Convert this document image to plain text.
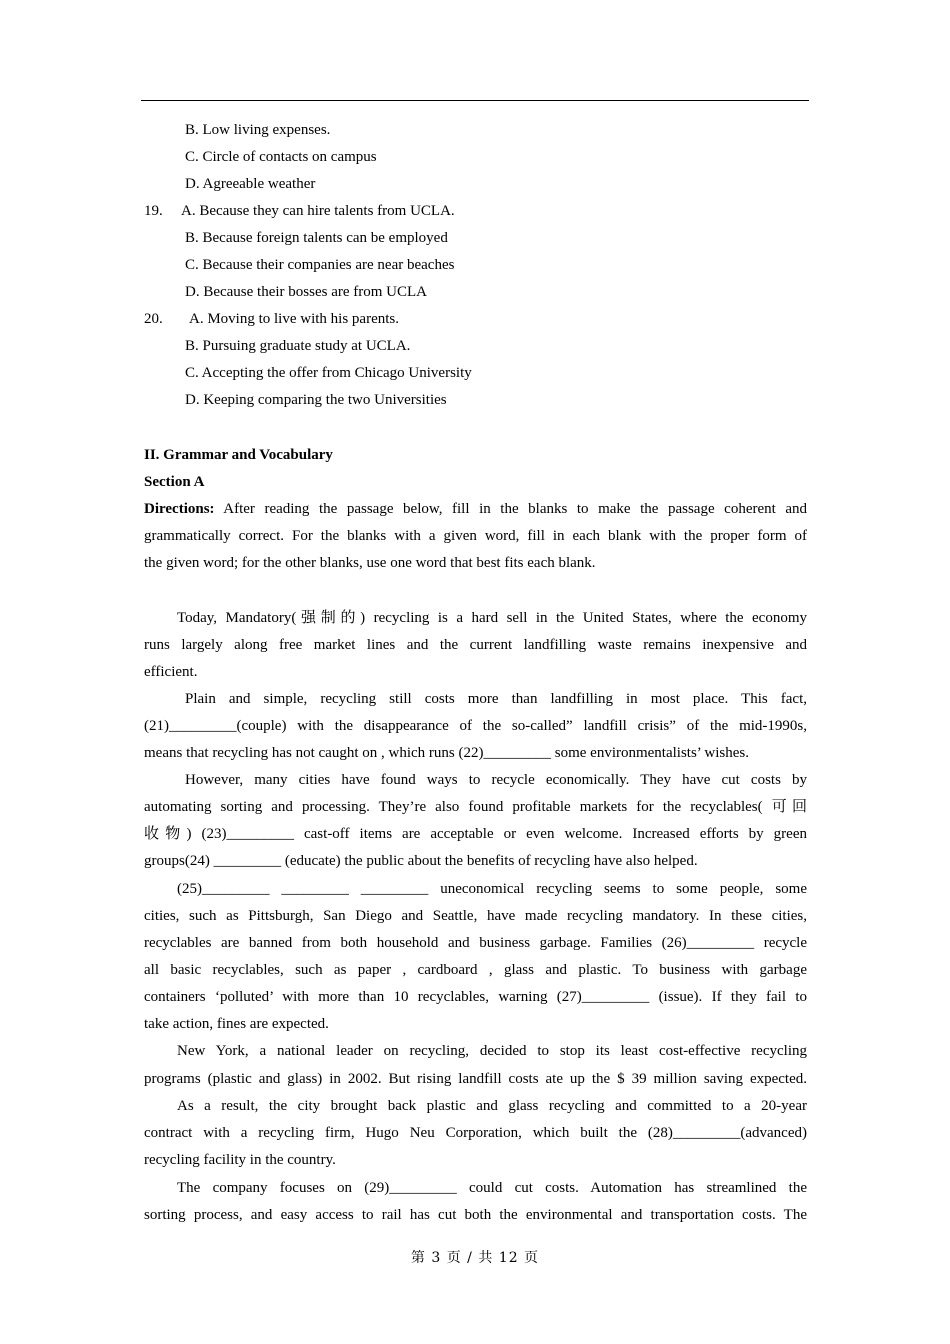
B. Low living expenses.
C. Circle of contacts on campus
D. Agreeable weather
19. A. Because they can hire talents from UCLA.
B. Because foreign talents can be employed
C. Because their companies are near beaches
D. Because their bosses are from UCLA
20. A. Moving to live with his parents.
B. Pursuing graduate study at UCLA.
C. Accepting the offer from Chicago University
D. Keeping comparing the two Universities
II. Grammar and Vocabulary
Section A
Directions: After reading the passage below, fill in the blanks to make the passage coherent and
grammatically correct. For the blanks with a given word, fill in each blank with the proper form of
the given word; for the other blanks, use one word that best fits each blank.
Today, Mandatory(强制的) recycling is a hard sell in the United States, where the economy
runs largely along free market lines and the current landfilling waste remains inexpensive and
efficient.
Plain and simple, recycling still costs more than landfilling in most place. This fact,
(21)_________(couple) with the disappearance of the so-called” landfill crisis” of the mid-1990s,
means that recycling has not caught on , which runs (22)_________ some environmentalists’ wishes.
However, many cities have found ways to recycle economically. They have cut costs by
automating sorting and processing. They’re also found profitable markets for the recyclables( 可回
收物) (23)_________ cast-off items are acceptable or even welcome. Increased efforts by green
groups(24) _________ (educate) the public about the benefits of recycling have also helped.
(25)_________ _________ _________ uneconomical recycling seems to some people, some
cities, such as Pittsburgh, San Diego and Seattle, have made recycling mandatory. In these cities,
recyclables are banned from both household and business garbage. Families (26)_________ recycle
all basic recyclables, such as paper , cardboard , glass and plastic. To business with garbage
containers ‘polluted’ with more than 10 recyclables, warning (27)_________ (issue). If they fail to
take action, fines are expected.
New York, a national leader on recycling, decided to stop its least cost-effective recycling
programs (plastic and glass) in 2002. But rising landfill costs ate up the $ 39 million saving expected.
As a result, the city brought back plastic and glass recycling and committed to a 20-year
contract with a recycling firm, Hugo Neu Corporation, which built the (28)_________(advanced)
recycling facility in the country.
The company focuses on (29)_________ could cut costs. Automation has streamlined the
sorting process, and easy access to rail has cut both the environmental and transportation costs. The
第 3 页 / 共 12 页
